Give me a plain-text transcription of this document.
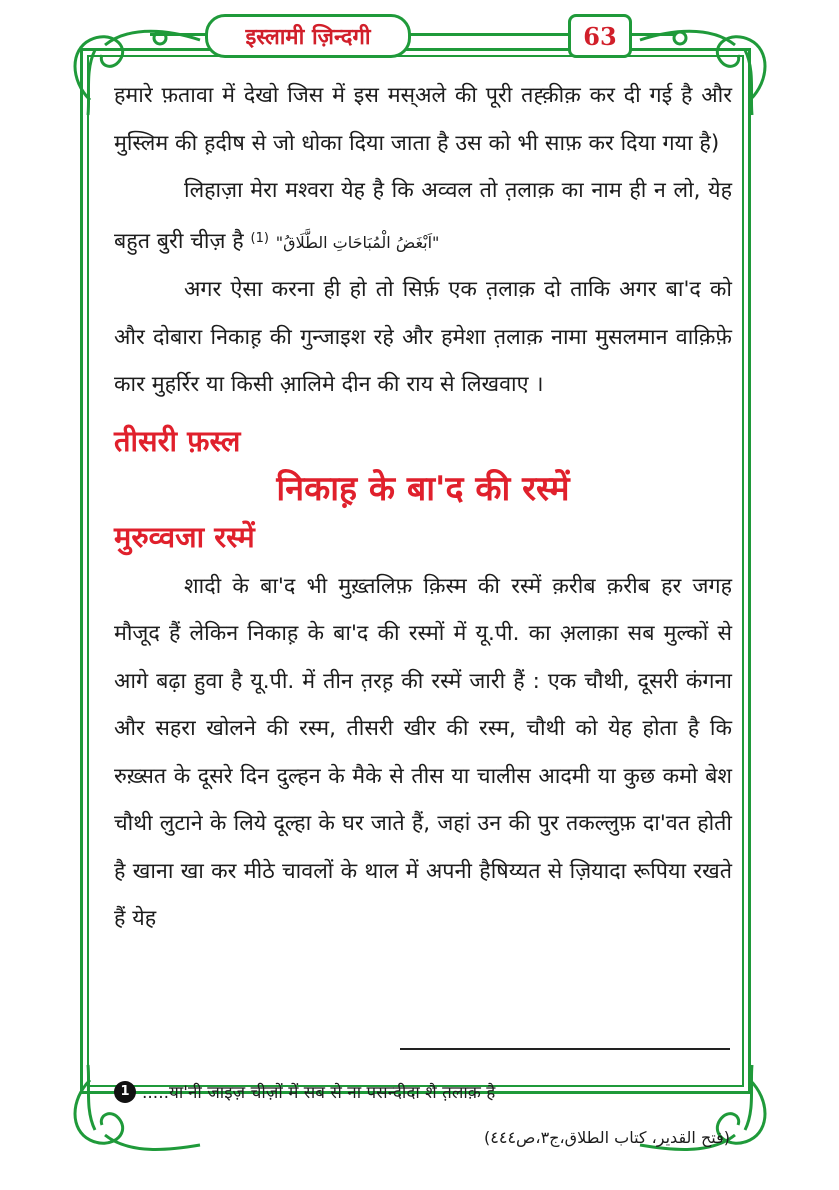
इस्लामी ज़िन्दगी	63
हमारे फ़तावा में देखो जिस में इस मस्अले की पूरी तह्क़ीक़ कर दी गई है और मुस्लिम की ह़दीष से जो धोका दिया जाता है उस को भी साफ़ कर दिया गया है)
लिहाज़ा मेरा मश्वरा येह है कि अव्वल तो त़लाक़ का नाम ही न लो, येह बहुत बुरी चीज़ है $^{(1)}$ "اَبْغَضُ الْمُبَاحَاتِ الطَّلَاقُ"
अगर ऐसा करना ही हो तो सिर्फ़ एक त़लाक़ दो ताकि अगर बा'द को और दोबारा निकाह़ की गुन्जाइश रहे और हमेशा त़लाक़ नामा मुसलमान वाक़िफ़े कार मुहर्रिर या किसी आ़लिमे दीन की राय से लिखवाए ।
तीसरी फ़स्ल
निकाह़ के बा'द की रस्में
मुरुव्वजा रस्में
शादी के बा'द भी मुख़्तलिफ़ क़िस्म की रस्में क़रीब क़रीब हर जगह मौजूद हैं लेकिन निकाह़ के बा'द की रस्मों में यू.पी. का अ़लाक़ा सब मुल्कों से आगे बढ़ा हुवा है यू.पी. में तीन त़रह़ की रस्में जारी हैं : एक चौथी, दूसरी कंगना और सहरा खोलने की रस्म, तीसरी खीर की रस्म, चौथी को येह होता है कि रुख़्सत के दूसरे दिन दुल्हन के मैके से तीस या चालीस आदमी या कुछ कमो बेश चौथी लुटाने के लिये दूल्हा के घर जाते हैं, जहां उन की पुर तकल्लुफ़ दा'वत होती है खाना खा कर मीठे चावलों के थाल में अपनी हैषिय्यत से ज़ियादा रूपिया रखते हैं येह
1 .....या'नी जाइज़ चीज़ों में सब से ना पसन्दीदा शै त़लाक़ है
(فتح القدير، كتاب الطلاق،ج٣،ص٤٤٤)
